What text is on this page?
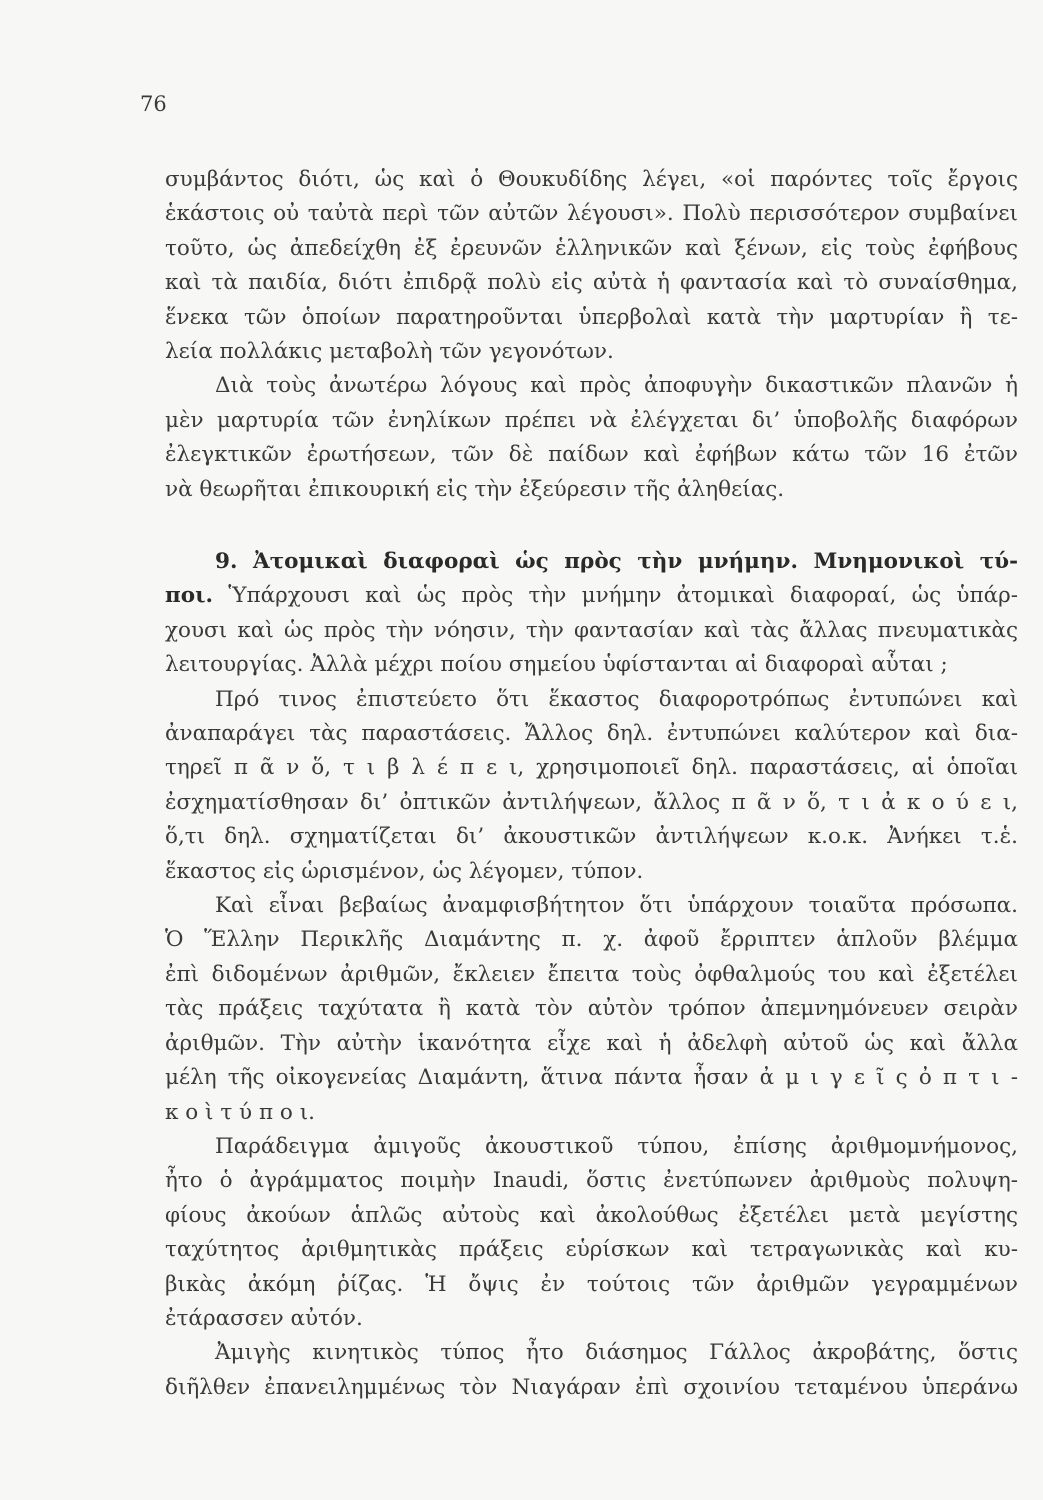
76
συμβάντος διότι, ὡς καὶ ὁ Θουκυδίδης λέγει, «οἱ παρόντες τοῖς ἔργοις
ἑκάστοις οὐ ταὐτὰ περὶ τῶν αὐτῶν λέγουσι». Πολὺ περισσότερον συμβαίνει
τοῦτο, ὡς ἀπεδείχθη ἐξ ἐρευνῶν ἑλληνικῶν καὶ ξένων, εἰς τοὺς ἐφήβους
καὶ τὰ παιδία, διότι ἐπιδρᾷ πολὺ εἰς αὐτὰ ἡ φαντασία καὶ τὸ συναίσθημα,
ἕνεκα τῶν ὁποίων παρατηροῦνται ὑπερβολαὶ κατὰ τὴν μαρτυρίαν ἢ τε-
λεία πολλάκις μεταβολὴ τῶν γεγονότων.
Διὰ τοὺς ἀνωτέρω λόγους καὶ πρὸς ἀποφυγὴν δικαστικῶν πλανῶν ἡ
μὲν μαρτυρία τῶν ἐνηλίκων πρέπει νὰ ἐλέγχεται δι’ ὑποβολῆς διαφόρων
ἐλεγκτικῶν ἐρωτήσεων, τῶν δὲ παίδων καὶ ἐφήβων κάτω τῶν 16 ἐτῶν
νὰ θεωρῆται ἐπικουρική εἰς τὴν ἐξεύρεσιν τῆς ἀληθείας.
9. Ἀτομικαὶ διαφοραὶ ὡς πρὸς τὴν μνήμην. Μνημονικοὶ τύ-
ποι. Ὑπάρχουσι καὶ ὡς πρὸς τὴν μνήμην ἀτομικαὶ διαφοραί, ὡς ὑπάρ-
χουσι καὶ ὡς πρὸς τὴν νόησιν, τὴν φαντασίαν καὶ τὰς ἄλλας πνευματικὰς
λειτουργίας. Ἀλλὰ μέχρι ποίου σημείου ὑφίστανται αἱ διαφοραὶ αὗται ;
Πρό τινος ἐπιστεύετο ὅτι ἕκαστος διαφοροτρόπως ἐντυπώνει καὶ
ἀναπαράγει τὰς παραστάσεις. Ἄλλος δηλ. ἐντυπώνει καλύτερον καὶ δια-
τηρεῖ π ᾶ ν ὅ, τ ι β λ έ π ε ι, χρησιμοποιεῖ δηλ. παραστάσεις, αἱ ὁποῖαι
ἐσχηματίσθησαν δι’ ὀπτικῶν ἀντιλήψεων, ἄλλος π ᾶ ν ὅ, τ ι ἀ κ ο ύ ε ι,
ὅ,τι δηλ. σχηματίζεται δι’ ἀκουστικῶν ἀντιλήψεων κ.ο.κ. Ἀνήκει τ.ἑ.
ἕκαστος εἰς ὡρισμένον, ὡς λέγομεν, τύπον.
Καὶ εἶναι βεβαίως ἀναμφισβήτητον ὅτι ὑπάρχουν τοιαῦτα πρόσωπα.
Ὁ Ἕλλην Περικλῆς Διαμάντης π. χ. ἀφοῦ ἔρριπτεν ἁπλοῦν βλέμμα
ἐπὶ διδομένων ἀριθμῶν, ἔκλειεν ἔπειτα τοὺς ὀφθαλμούς του καὶ ἐξετέλει
τὰς πράξεις ταχύτατα ἢ κατὰ τὸν αὐτὸν τρόπον ἀπεμνημόνευεν σειρὰν
ἀριθμῶν. Τὴν αὐτὴν ἱκανότητα εἶχε καὶ ἡ ἀδελφὴ αὐτοῦ ὡς καὶ ἄλλα
μέλη τῆς οἰκογενείας Διαμάντη, ἅτινα πάντα ἦσαν ἀ μ ι γ ε ῖ ς ὀ π τ ι -
κ ο ὶ τ ύ π ο ι.
Παράδειγμα ἀμιγοῦς ἀκουστικοῦ τύπου, ἐπίσης ἀριθμομνήμονος,
ἦτο ὁ ἀγράμματος ποιμὴν Inaudi, ὅστις ἐνετύπωνεν ἀριθμοὺς πολυψη-
φίους ἀκούων ἁπλῶς αὐτοὺς καὶ ἀκολούθως ἐξετέλει μετὰ μεγίστης
ταχύτητος ἀριθμητικὰς πράξεις εὑρίσκων καὶ τετραγωνικὰς καὶ κυ-
βικὰς ἀκόμη ῥίζας. Ἡ ὄψις ἐν τούτοις τῶν ἀριθμῶν γεγραμμένων
ἐτάρασσεν αὐτόν.
Ἀμιγὴς κινητικὸς τύπος ἦτο διάσημος Γάλλος ἀκροβάτης, ὅστις
διῆλθεν ἐπανειλημμένως τὸν Νιαγάραν ἐπὶ σχοινίου τεταμένου ὑπεράνω
